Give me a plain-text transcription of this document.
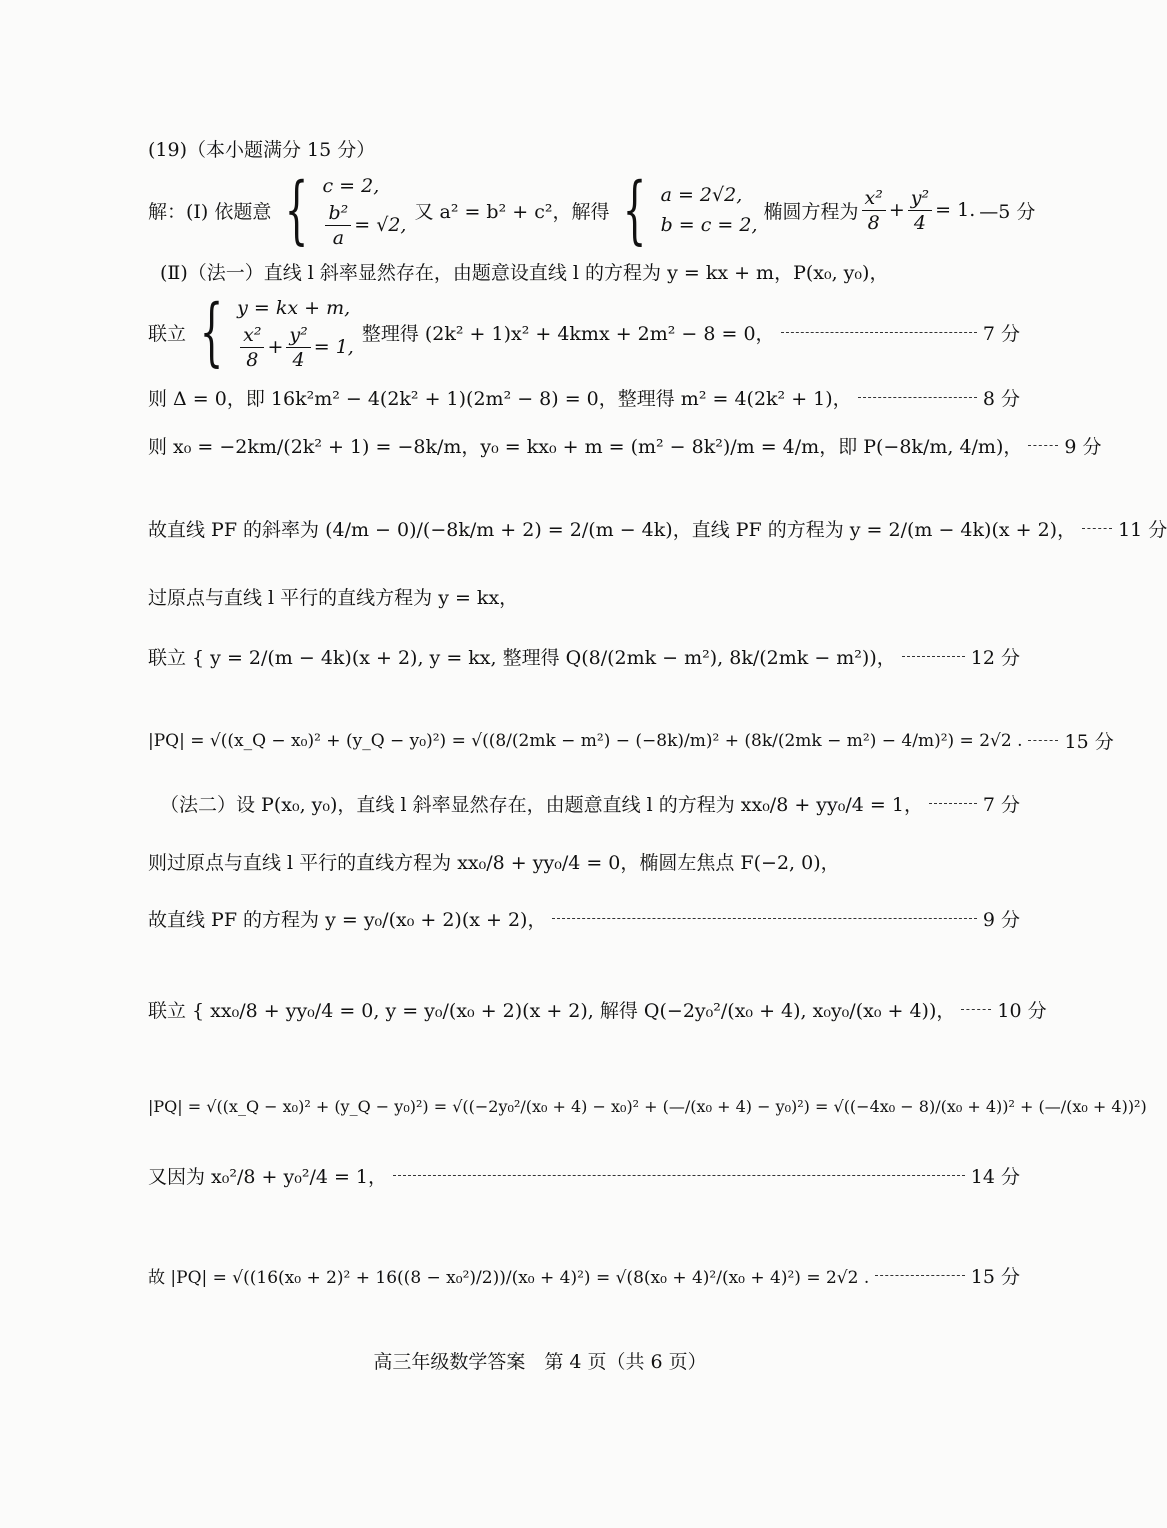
(19)（本小题满分 15 分）
解：(Ⅰ) 依题意 { c = 2,
$\frac{\text{b²}}{a} = √2$,
又 a² = b² + c²，解得 { a = 2√2,
b = c = 2,
椭圆方程为 $\frac{\text{x²}}{8} + \frac{\text{y²}}{4} = 1$. —5 分
(Ⅱ)（法一）直线 l 斜率显然存在，由题意设直线 l 的方程为 y = kx + m，P(x₀, y₀)，
联立 { y = kx + m,
$\frac{\text{x²}}{8} + \frac{\text{y²}}{4} = 1$,
整理得 (2k² + 1)x² + 4kmx + 2m² − 8 = 0，	7 分
则 Δ = 0，即 16k²m² − 4(2k² + 1)(2m² − 8) = 0，整理得 m² = 4(2k² + 1)，	8 分
则 x₀ = −2km/(2k² + 1) = −8k/m，y₀ = kx₀ + m = (m² − 8k²)/m = 4/m，即 P(−8k/m, 4/m)， 9 分
故直线 PF 的斜率为 (4/m − 0)/(−8k/m + 2) = 2/(m − 4k)，直线 PF 的方程为 y = 2/(m − 4k)(x + 2)， 11 分
过原点与直线 l 平行的直线方程为 y = kx，
联立 { y = 2/(m − 4k)(x + 2), y = kx, 整理得 Q(8/(2mk − m²), 8k/(2mk − m²))，	12 分
|PQ| = √((x_Q − x₀)² + (y_Q − y₀)²) = √((8/(2mk − m²) − (−8k)/m)² + (8k/(2mk − m²) − 4/m)²) = 2√2 . 15 分
（法二）设 P(x₀, y₀)，直线 l 斜率显然存在，由题意直线 l 的方程为 xx₀/8 + yy₀/4 = 1，	7 分
则过原点与直线 l 平行的直线方程为 xx₀/8 + yy₀/4 = 0，椭圆左焦点 F(−2, 0)，
故直线 PF 的方程为 y = y₀/(x₀ + 2)(x + 2)，	9 分
联立 { xx₀/8 + yy₀/4 = 0, y = y₀/(x₀ + 2)(x + 2), 解得 Q(−2y₀²/(x₀ + 4), x₀y₀/(x₀ + 4))， 10 分
|PQ| = √((x_Q − x₀)² + (y_Q − y₀)²) = √((−2y₀²/(x₀ + 4) − x₀)² + (—/(x₀ + 4) − y₀)²) = √((−4x₀ − 8)/(x₀ + 4))² + (—/(x₀ + 4))²)
又因为 x₀²/8 + y₀²/4 = 1，	14 分
故 |PQ| = √((16(x₀ + 2)² + 16((8 − x₀²)/2))/(x₀ + 4)²) = √(8(x₀ + 4)²/(x₀ + 4)²) = 2√2 .	15 分
高三年级数学答案　第 4 页（共 6 页）
